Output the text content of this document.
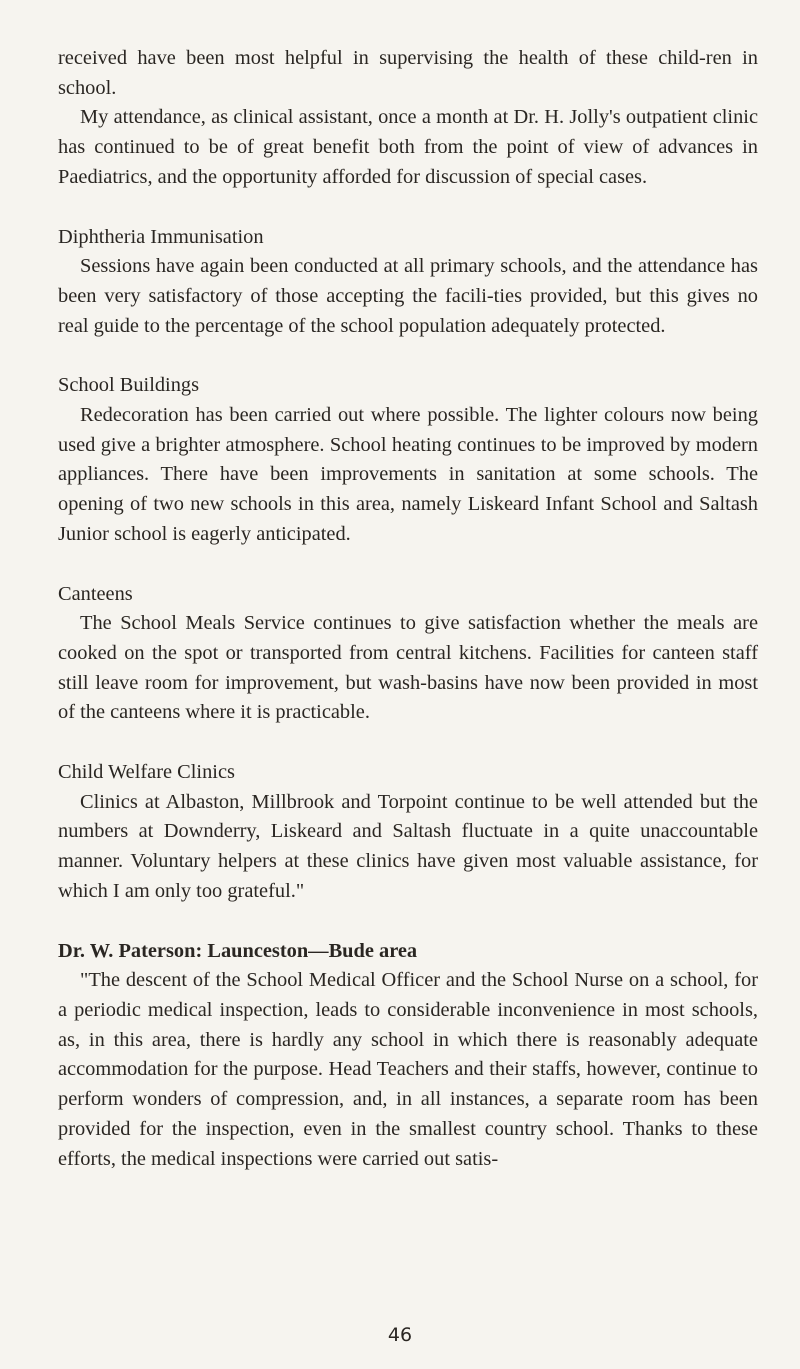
received have been most helpful in supervising the health of these child-ren in school.

My attendance, as clinical assistant, once a month at Dr. H. Jolly's outpatient clinic has continued to be of great benefit both from the point of view of advances in Paediatrics, and the opportunity afforded for discussion of special cases.

Diphtheria Immunisation

Sessions have again been conducted at all primary schools, and the attendance has been very satisfactory of those accepting the facili-ties provided, but this gives no real guide to the percentage of the school population adequately protected.

School Buildings

Redecoration has been carried out where possible. The lighter colours now being used give a brighter atmosphere. School heating continues to be improved by modern appliances. There have been improvements in sanitation at some schools. The opening of two new schools in this area, namely Liskeard Infant School and Saltash Junior school is eagerly anticipated.

Canteens

The School Meals Service continues to give satisfaction whether the meals are cooked on the spot or transported from central kitchens. Facilities for canteen staff still leave room for improvement, but wash-basins have now been provided in most of the canteens where it is practicable.

Child Welfare Clinics

Clinics at Albaston, Millbrook and Torpoint continue to be well attended but the numbers at Downderry, Liskeard and Saltash fluctuate in a quite unaccountable manner. Voluntary helpers at these clinics have given most valuable assistance, for which I am only too grateful."

Dr. W. Paterson: Launceston—Bude area

"The descent of the School Medical Officer and the School Nurse on a school, for a periodic medical inspection, leads to considerable inconvenience in most schools, as, in this area, there is hardly any school in which there is reasonably adequate accommodation for the purpose. Head Teachers and their staffs, however, continue to perform wonders of compression, and, in all instances, a separate room has been provided for the inspection, even in the smallest country school. Thanks to these efforts, the medical inspections were carried out satis-

46
